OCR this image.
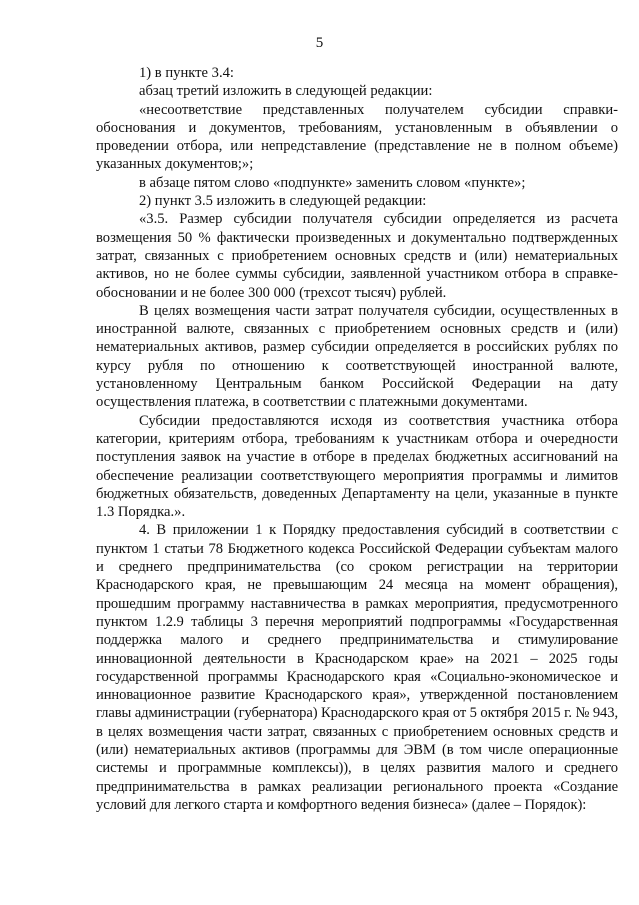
5

1) в пункте 3.4:

абзац третий изложить в следующей редакции:

«несоответствие представленных получателем субсидии справки-обоснования и документов, требованиям, установленным в объявлении о проведении отбора, или непредставление (представление не в полном объеме) указанных документов;»;

в абзаце пятом слово «подпункте» заменить словом «пункте»;

2) пункт 3.5 изложить в следующей редакции:

«3.5. Размер субсидии получателя субсидии определяется из расчета возмещения 50 % фактически произведенных и документально подтвержденных затрат, связанных с приобретением основных средств и (или) нематериальных активов, но не более суммы субсидии, заявленной участником отбора в справке-обосновании и не более 300 000 (трехсот тысяч) рублей.

В целях возмещения части затрат получателя субсидии, осуществленных в иностранной валюте, связанных с приобретением основных средств и (или) нематериальных активов, размер субсидии определяется в российских рублях по курсу рубля по отношению к соответствующей иностранной валюте, установленному Центральным банком Российской Федерации на дату осуществления платежа, в соответствии с платежными документами.

Субсидии предоставляются исходя из соответствия участника отбора категории, критериям отбора, требованиям к участникам отбора и очередности поступления заявок на участие в отборе в пределах бюджетных ассигнований на обеспечение реализации соответствующего мероприятия программы и лимитов бюджетных обязательств, доведенных Департаменту на цели, указанные в пункте 1.3 Порядка.».

4. В приложении 1 к Порядку предоставления субсидий в соответствии с пунктом 1 статьи 78 Бюджетного кодекса Российской Федерации субъектам малого и среднего предпринимательства (со сроком регистрации на территории Краснодарского края, не превышающим 24 месяца на момент обращения), прошедшим программу наставничества в рамках мероприятия, предусмотренного пунктом 1.2.9 таблицы 3 перечня мероприятий подпрограммы «Государственная поддержка малого и среднего предпринимательства и стимулирование инновационной деятельности в Краснодарском крае» на 2021 – 2025 годы государственной программы Краснодарского края «Социально-экономическое и инновационное развитие Краснодарского края», утвержденной постановлением главы администрации (губернатора) Краснодарского края от 5 октября 2015 г. № 943, в целях возмещения части затрат, связанных с приобретением основных средств и (или) нематериальных активов (программы для ЭВМ (в том числе операционные системы и программные комплексы)), в целях развития малого и среднего предпринимательства в рамках реализации регионального проекта «Создание условий для легкого старта и комфортного ведения бизнеса» (далее – Порядок):
